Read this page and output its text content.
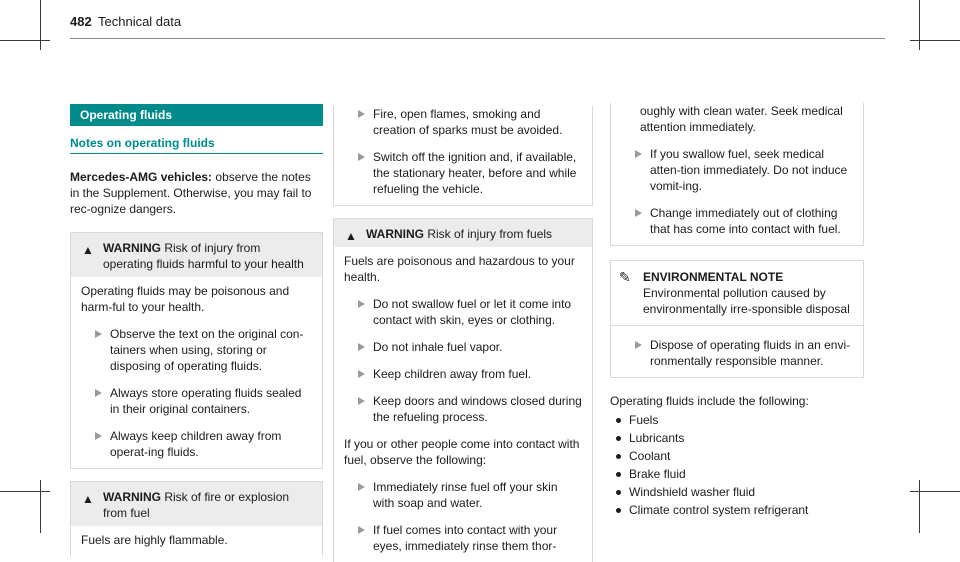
482 Technical data
Operating fluids
Notes on operating fluids

Mercedes-AMG vehicles: observe the notes in the Supplement. Otherwise, you may fail to rec-ognize dangers.

▲ WARNING Risk of injury from operating fluids harmful to your health

Operating fluids may be poisonous and harm-ful to your health.

Observe the text on the original con-tainers when using, storing or disposing of operating fluids.
Always store operating fluids sealed in their original containers.
Always keep children away from operat-ing fluids.
▲ WARNING Risk of fire or explosion from fuel

Fuels are highly flammable.

Fire, open flames, smoking and creation of sparks must be avoided.
Switch off the ignition and, if available, the stationary heater, before and while refueling the vehicle.
▲ WARNING Risk of injury from fuels

Fuels are poisonous and hazardous to your health.

Do not swallow fuel or let it come into contact with skin, eyes or clothing.
Do not inhale fuel vapor.
Keep children away from fuel.
Keep doors and windows closed during the refueling process.

If you or other people come into contact with fuel, observe the following:

Immediately rinse fuel off your skin with soap and water.
If fuel comes into contact with your eyes, immediately rinse them thor-

oughly with clean water. Seek medical attention immediately.

If you swallow fuel, seek medical atten-tion immediately. Do not induce vomit-ing.
Change immediately out of clothing that has come into contact with fuel.
✎ ENVIRONMENTAL NOTE Environmental pollution caused by environmentally irre-sponsible disposal
Dispose of operating fluids in an envi-ronmentally responsible manner.

Operating fluids include the following:

Fuels
Lubricants
Coolant
Brake fluid
Windshield washer fluid
Climate control system refrigerant
